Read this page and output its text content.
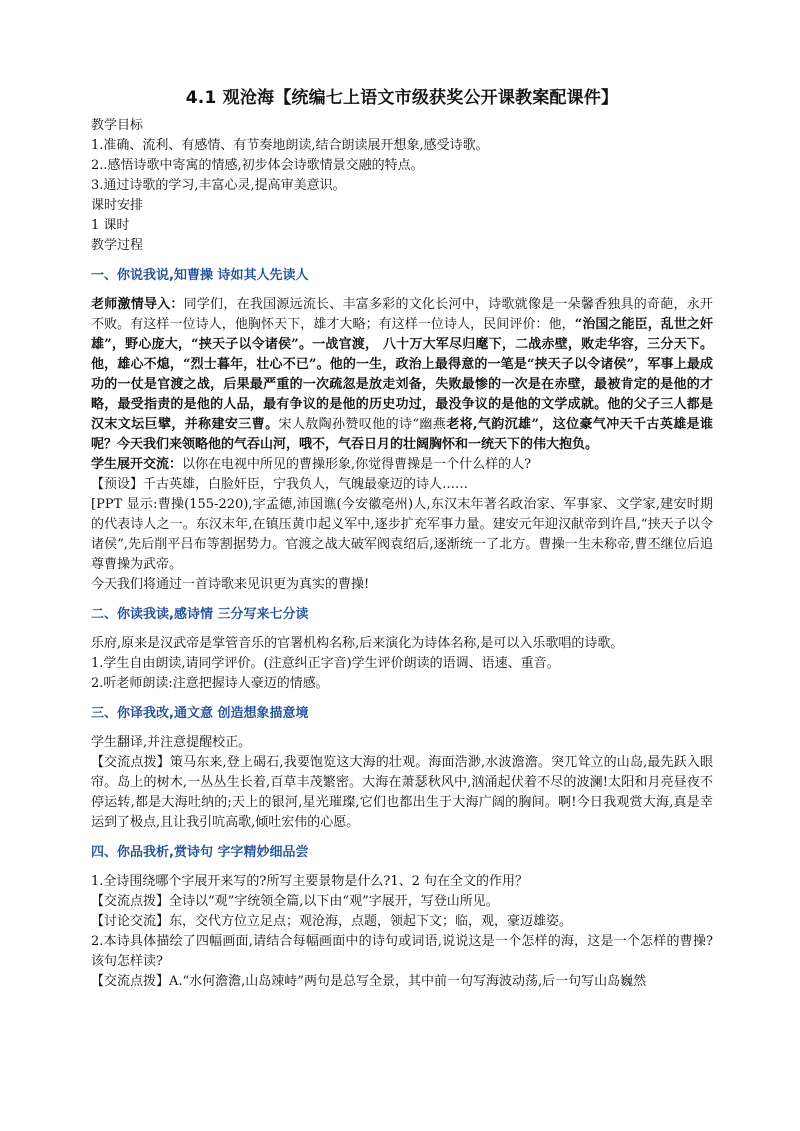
4.1 观沧海【统编七上语文市级获奖公开课教案配课件】

教学目标

1.准确、流利、有感情、有节奏地朗读,结合朗读展开想象,感受诗歌。

2..感悟诗歌中寄寓的情感,初步体会诗歌情景交融的特点。

3.通过诗歌的学习,丰富心灵,提高审美意识。

课时安排

1 课时

教学过程

一、你说我说,知曹操 诗如其人先读人

老师激情导入：同学们，在我国源远流长、丰富多彩的文化长河中，诗歌就像是一朵馨香独具的奇葩，永开不败。有这样一位诗人，他胸怀天下，雄才大略；有这样一位诗人，民间评价：他，“治国之能臣，乱世之奸雄”，野心庞大，“挟天子以令诸侯”。一战官渡， 八十万大军尽归麾下，二战赤壁，败走华容，三分天下。他，雄心不熄，“烈士暮年，壮心不已”。他的一生，政治上最得意的一笔是“挟天子以令诸侯”，军事上最成功的一仗是官渡之战，后果最严重的一次疏忽是放走刘备，失败最惨的一次是在赤壁，最被肯定的是他的才略，最受指责的是他的人品，最有争议的是他的历史功过，最没争议的是他的文学成就。他的父子三人都是汉末文坛巨擘，并称建安三曹。宋人敖陶孙赞叹他的诗“幽燕老将,气韵沉雄”，这位豪气冲天千古英雄是谁呢？今天我们来领略他的气吞山河，哦不，气吞日月的壮阔胸怀和一统天下的伟大抱负。

学生展开交流：以你在电视中所见的曹操形象,你觉得曹操是一个什么样的人?

【预设】千古英雄，白脸奸臣，宁我负人，气魄最豪迈的诗人……

[PPT 显示:曹操(155-220),字孟德,沛国谯(今安徽亳州)人,东汉末年著名政治家、军事家、文学家,建安时期的代表诗人之一。东汉末年,在镇压黄巾起义军中,逐步扩充军事力量。建安元年迎汉献帝到许昌,“挟天子以令诸侯”,先后削平吕布等割据势力。官渡之战大破军阀袁绍后,逐渐统一了北方。曹操一生未称帝,曹丕继位后追尊曹操为武帝。

今天我们将通过一首诗歌来见识更为真实的曹操!

二、你读我读,感诗情 三分写来七分读

乐府,原来是汉武帝是掌管音乐的官署机构名称,后来演化为诗体名称,是可以入乐歌唱的诗歌。

1.学生自由朗读,请同学评价。(注意纠正字音)学生评价朗读的语调、语速、重音。

2.听老师朗读:注意把握诗人豪迈的情感。

三、你译我改,通文意 创造想象描意境

学生翻译,并注意提醒校正。

【交流点拨】策马东来,登上碣石,我要饱览这大海的壮观。海面浩渺,水波澹澹。突兀耸立的山岛,最先跃入眼帘。岛上的树木,一丛丛生长着,百草丰茂繁密。大海在萧瑟秋风中,汹涌起伏着不尽的波澜!太阳和月亮昼夜不停运转,都是大海吐纳的;天上的银河,星光璀璨,它们也都出生于大海广阔的胸间。啊!今日我观赏大海,真是幸运到了极点,且让我引吭高歌,倾吐宏伟的心愿。

四、你品我析,赏诗句 字字精妙细品尝

1.全诗围绕哪个字展开来写的?所写主要景物是什么?1、2 句在全文的作用？

【交流点拨】全诗以“观”字统领全篇,以下由“观”字展开，写登山所见。

【讨论交流】东，交代方位立足点；观沧海，点题，领起下文；临，观，豪迈雄姿。

2.本诗具体描绘了四幅画面,请结合每幅画面中的诗句或词语,说说这是一个怎样的海，这是一个怎样的曹操?该句怎样读?

【交流点拨】A.“水何澹澹,山岛竦峙”两句是总写全景，其中前一句写海波动荡,后一句写山岛巍然
